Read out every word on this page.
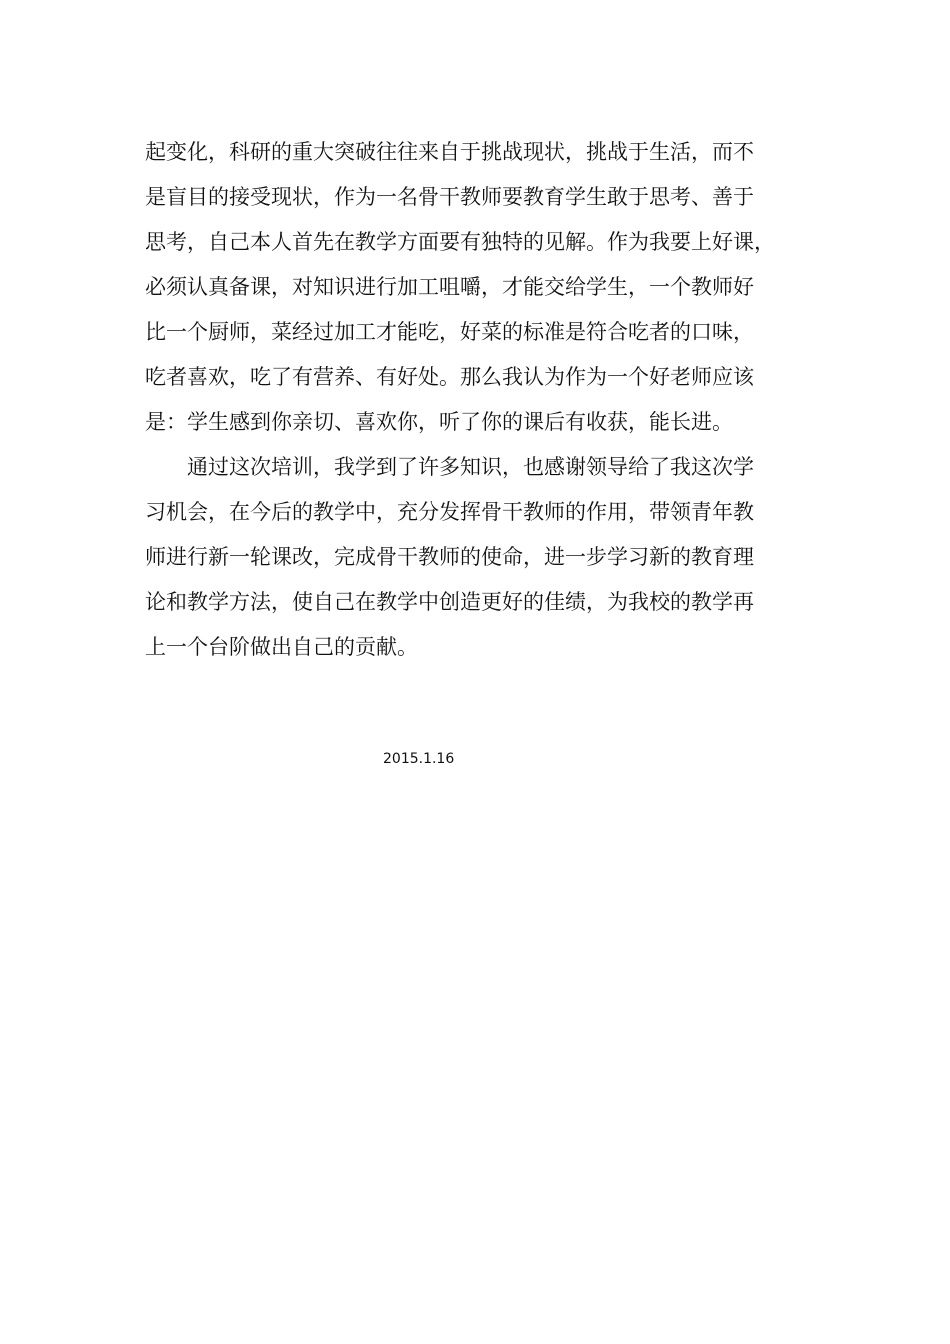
起变化，科研的重大突破往往来自于挑战现状，挑战于生活，而不
是盲目的接受现状，作为一名骨干教师要教育学生敢于思考、善于
思考，自己本人首先在教学方面要有独特的见解。作为我要上好课，
必须认真备课，对知识进行加工咀嚼，才能交给学生，一个教师好
比一个厨师，菜经过加工才能吃，好菜的标准是符合吃者的口味，
吃者喜欢，吃了有营养、有好处。那么我认为作为一个好老师应该
是：学生感到你亲切、喜欢你，听了你的课后有收获，能长进。
通过这次培训，我学到了许多知识，也感谢领导给了我这次学
习机会，在今后的教学中，充分发挥骨干教师的作用，带领青年教
师进行新一轮课改，完成骨干教师的使命，进一步学习新的教育理
论和教学方法，使自己在教学中创造更好的佳绩，为我校的教学再
上一个台阶做出自己的贡献。
2015.1.16
